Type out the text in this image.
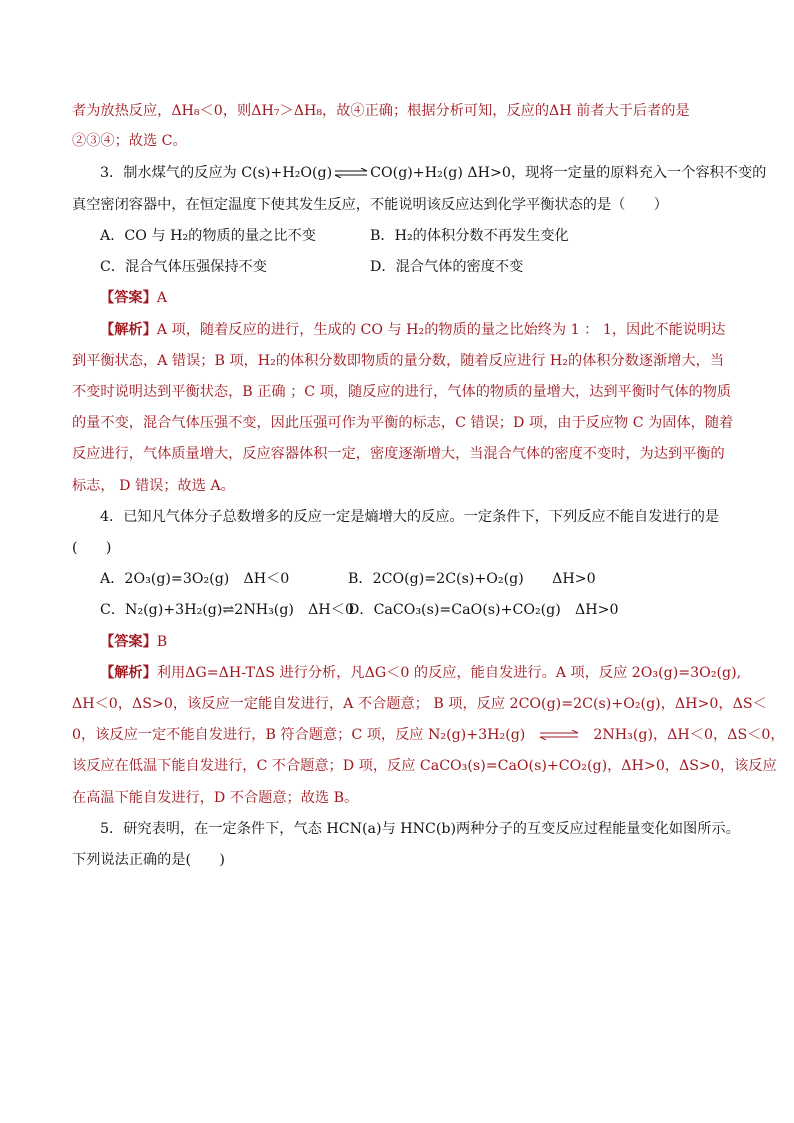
者为放热反应，ΔH₈＜0，则ΔH₇＞ΔH₈，故④正确；根据分析可知，反应的ΔH 前者大于后者的是
②③④；故选 C。
3．制水煤气的反应为 C(s)+H₂O(g) ⇌ CO(g)+H₂(g) ΔH>0，现将一定量的原料充入一个容积不变的
真空密闭容器中，在恒定温度下使其发生反应，不能说明该反应达到化学平衡状态的是（　　）
A．CO 与 H₂的物质的量之比不变	B．H₂的体积分数不再发生变化
C．混合气体压强保持不变	D．混合气体的密度不变
【答案】A
【解析】A 项，随着反应的进行，生成的 CO 与 H₂的物质的量之比始终为 1 ： 1，因此不能说明达
到平衡状态，A 错误；B 项，H₂的体积分数即物质的量分数，随着反应进行 H₂的体积分数逐渐增大，当
不变时说明达到平衡状态，B 正确 ；C 项，随反应的进行，气体的物质的量增大，达到平衡时气体的物质
的量不变，混合气体压强不变，因此压强可作为平衡的标志，C 错误；D 项，由于反应物 C 为固体，随着
反应进行，气体质量增大，反应容器体积一定，密度逐渐增大，当混合气体的密度不变时，为达到平衡的
标志， D 错误；故选 A。
4．已知凡气体分子总数增多的反应一定是熵增大的反应。一定条件下，下列反应不能自发进行的是
(　　)
A．2O₃(g)=3O₂(g)　ΔH＜0	B．2CO(g)=2C(s)+O₂(g)　　ΔH>0
C．N₂(g)+3H₂(g)⇌2NH₃(g)　ΔH＜0
D．CaCO₃(s)=CaO(s)+CO₂(g)　ΔH>0
【答案】B
【解析】利用ΔG=ΔH-TΔS 进行分析，凡ΔG＜0 的反应，能自发进行。A 项，反应 2O₃(g)=3O₂(g),
ΔH＜0，ΔS>0，该反应一定能自发进行，A 不合题意； B 项，反应 2CO(g)=2C(s)+O₂(g)，ΔH>0，ΔS＜
0，该反应一定不能自发进行，B 符合题意；C 项，反应 N₂(g)+3H₂(g) ⇌ 2NH₃(g)，ΔH＜0，ΔS＜0，
该反应在低温下能自发进行，C 不合题意；D 项，反应 CaCO₃(s)=CaO(s)+CO₂(g)，ΔH>0，ΔS>0，该反应
在高温下能自发进行，D 不合题意；故选 B。
5．研究表明，在一定条件下，气态 HCN(a)与 HNC(b)两种分子的互变反应过程能量变化如图所示。
下列说法正确的是(　　)
